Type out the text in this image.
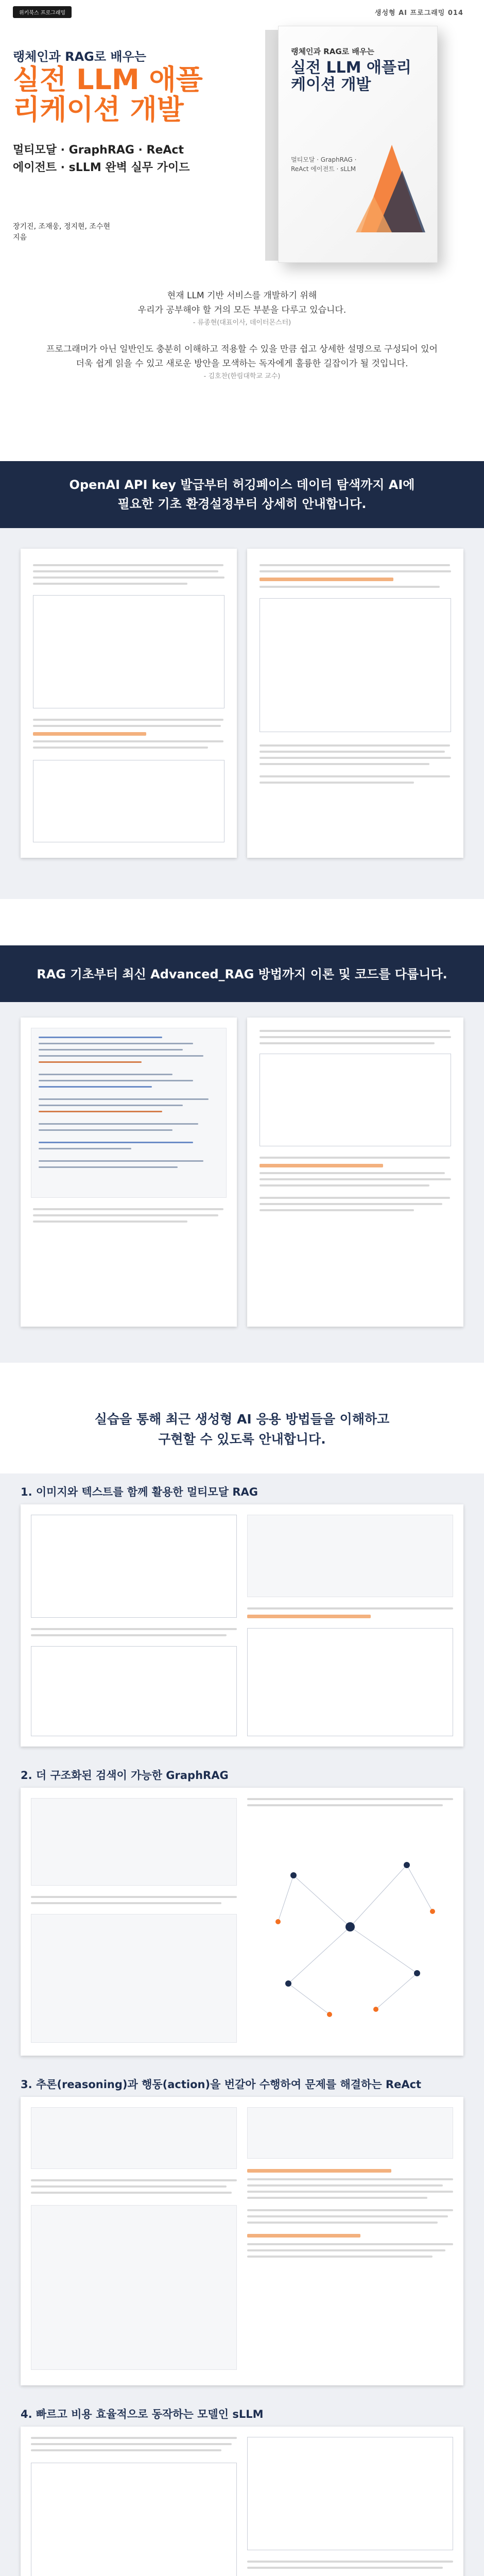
위키북스 프로그래밍	생성형 AI 프로그래밍 014
랭체인과 RAG로 배우는
실전 LLM 애플리케이션 개발
멀티모달 · GraphRAG · ReAct 에이전트 · sLLM 완벽 실무 가이드
장기진, 조재웅, 정지현, 조수현 지음
랭체인과 RAG로 배우는
실전 LLM 애플리케이션 개발
멀티모달 · GraphRAG · ReAct 에이전트 · sLLM
현재 LLM 기반 서비스를 개발하기 위해
우리가 공부해야 할 거의 모든 부분을 다루고 있습니다.
- 류종현(대표이사, 데이터몬스터)
프로그래머가 아닌 일반인도 충분히 이해하고 적용할 수 있을 만큼 쉽고 상세한 설명으로 구성되어 있어
더욱 쉽게 읽을 수 있고 새로운 방안을 모색하는 독자에게 훌륭한 길잡이가 될 것입니다.
- 김호찬(한림대학교 교수)
OpenAI API key 발급부터 허깅페이스 데이터 탐색까지 AI에 필요한 기초 환경설정부터 상세히 안내합니다.
RAG 기초부터 최신 Advanced_RAG 방법까지 이론 및 코드를 다룹니다.
실습을 통해 최근 생성형 AI 응용 방법들을 이해하고 구현할 수 있도록 안내합니다.
1. 이미지와 텍스트를 함께 활용한 멀티모달 RAG
2. 더 구조화된 검색이 가능한 GraphRAG
3. 추론(reasoning)과 행동(action)을 번갈아 수행하여 문제를 해결하는 ReAct
4. 빠르고 비용 효율적으로 동작하는 모델인 sLLM
